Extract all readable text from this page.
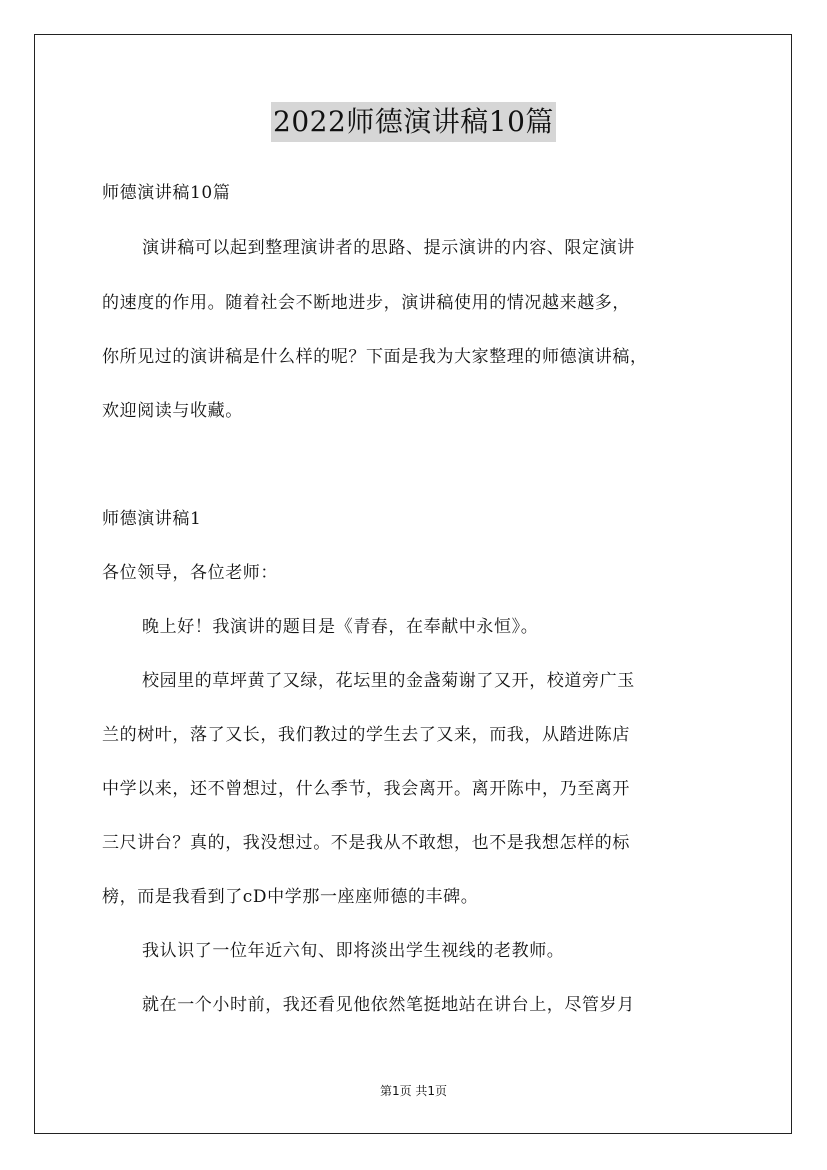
2022师德演讲稿10篇
师德演讲稿10篇
演讲稿可以起到整理演讲者的思路、提示演讲的内容、限定演讲
的速度的作用。随着社会不断地进步，演讲稿使用的情况越来越多，
你所见过的演讲稿是什么样的呢？下面是我为大家整理的师德演讲稿，
欢迎阅读与收藏。
师德演讲稿1
各位领导，各位老师：
晚上好！我演讲的题目是《青春，在奉献中永恒》。
校园里的草坪黄了又绿，花坛里的金盏菊谢了又开，校道旁广玉
兰的树叶，落了又长，我们教过的学生去了又来，而我，从踏进陈店
中学以来，还不曾想过，什么季节，我会离开。离开陈中，乃至离开
三尺讲台？真的，我没想过。不是我从不敢想，也不是我想怎样的标
榜，而是我看到了cD中学那一座座师德的丰碑。
我认识了一位年近六旬、即将淡出学生视线的老教师。
就在一个小时前，我还看见他依然笔挺地站在讲台上，尽管岁月
第1页 共1页
